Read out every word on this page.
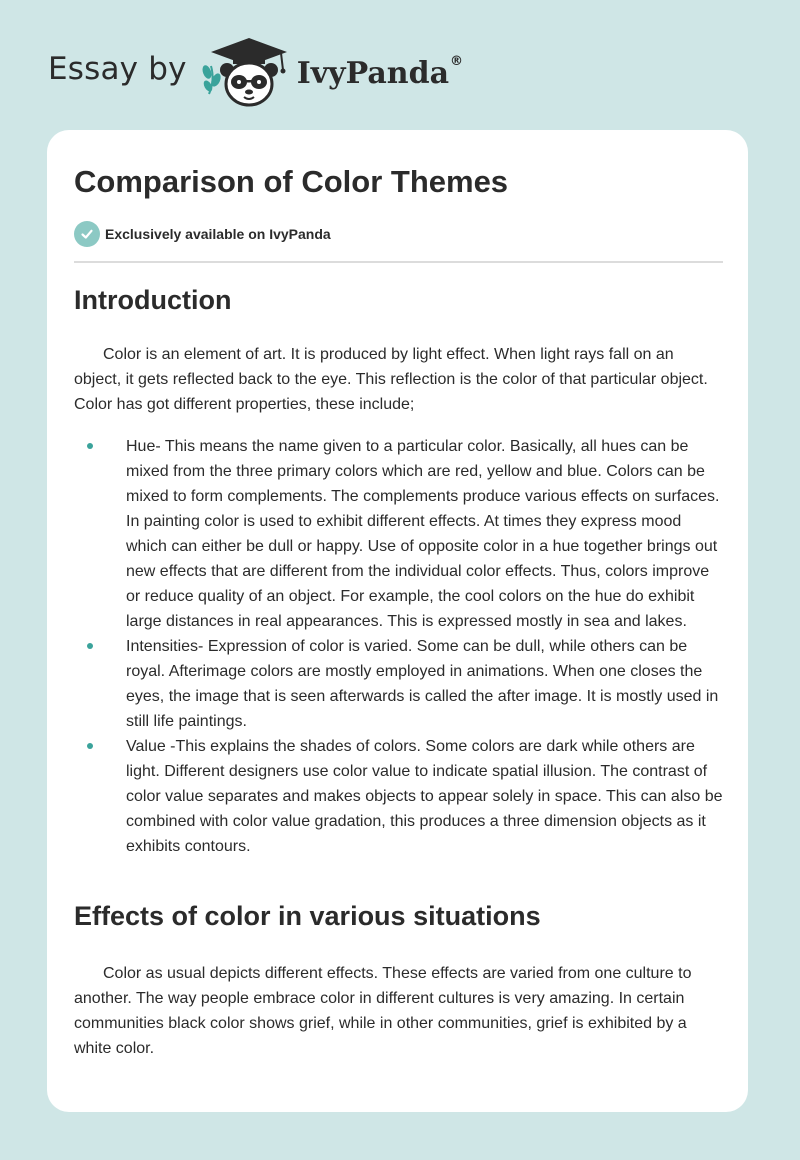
Essay by	IvyPanda®
Comparison of Color Themes
Exclusively available on IvyPanda
Introduction

Color is an element of art. It is produced by light effect. When light rays fall on an object, it gets reflected back to the eye. This reflection is the color of that particular object. Color has got different properties, these include;

Hue- This means the name given to a particular color. Basically, all hues can be mixed from the three primary colors which are red, yellow and blue. Colors can be mixed to form complements. The complements produce various effects on surfaces. In painting color is used to exhibit different effects. At times they express mood which can either be dull or happy. Use of opposite color in a hue together brings out new effects that are different from the individual color effects. Thus, colors improve or reduce quality of an object. For example, the cool colors on the hue do exhibit large distances in real appearances. This is expressed mostly in sea and lakes.
Intensities- Expression of color is varied. Some can be dull, while others can be royal. Afterimage colors are mostly employed in animations. When one closes the eyes, the image that is seen afterwards is called the after image. It is mostly used in still life paintings.
Value -This explains the shades of colors. Some colors are dark while others are light. Different designers use color value to indicate spatial illusion. The contrast of color value separates and makes objects to appear solely in space. This can also be combined with color value gradation, this produces a three dimension objects as it exhibits contours.
Effects of color in various situations

Color as usual depicts different effects. These effects are varied from one culture to another. The way people embrace color in different cultures is very amazing. In certain communities black color shows grief, while in other communities, grief is exhibited by a white color.
